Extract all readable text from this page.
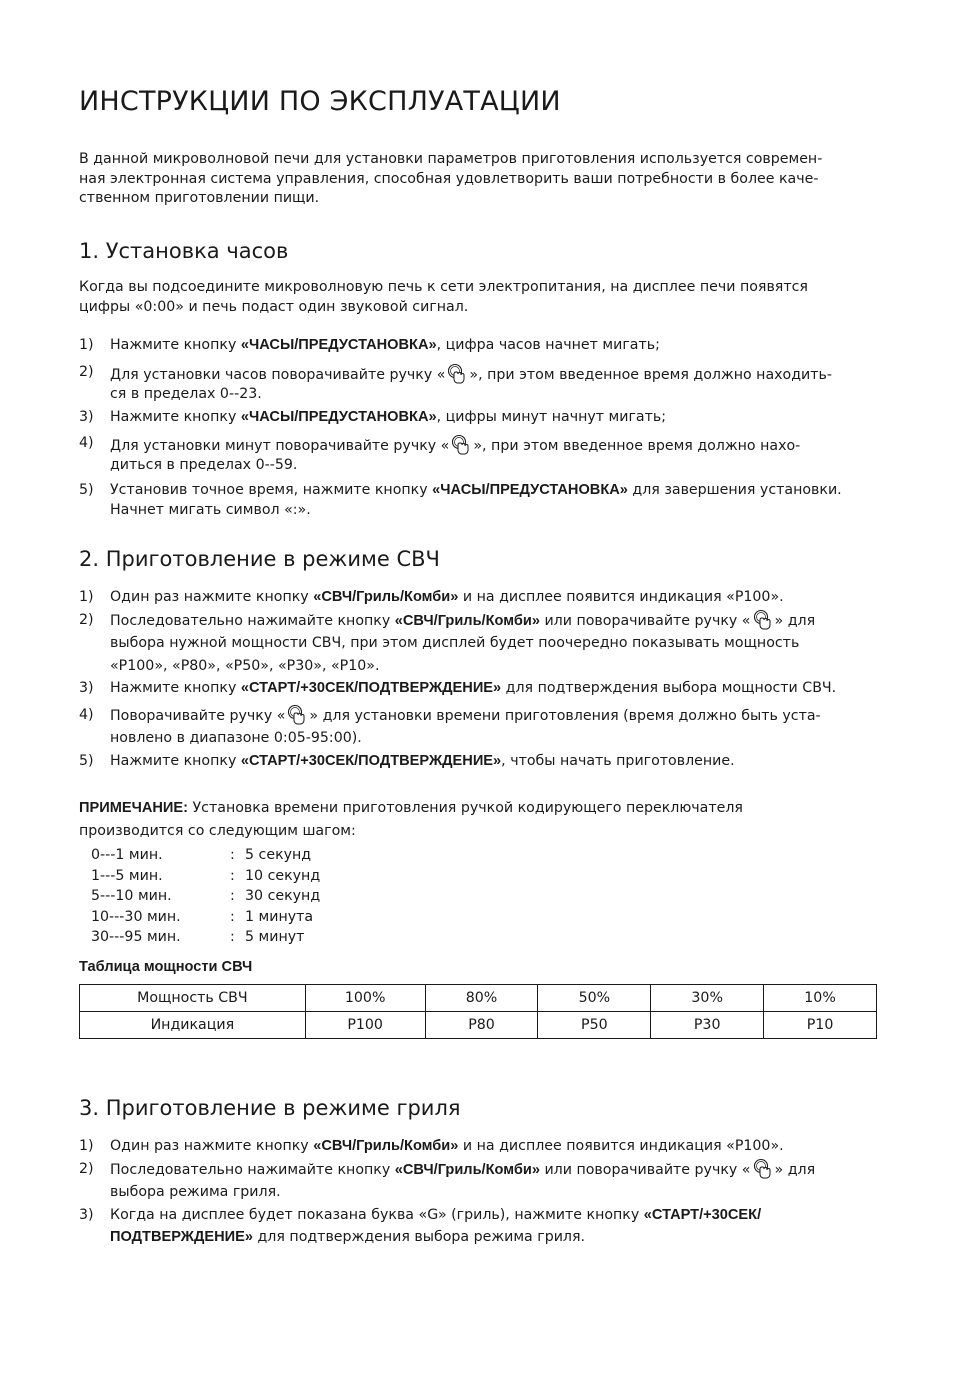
ИНСТРУКЦИИ ПО ЭКСПЛУАТАЦИИ
В данной микроволновой печи для установки параметров приготовления используется современ-
ная электронная система управления, способная удовлетворить ваши потребности в более каче-
ственном приготовлении пищи.
1. Установка часов
Когда вы подсоедините микроволновую печь к сети электропитания, на дисплее печи появятся
цифры «0:00» и печь подаст один звуковой сигнал.
1) Нажмите кнопку «ЧАСЫ/ПРЕДУСТАНОВКА», цифра часов начнет мигать;
2) Для установки часов поворачивайте ручку « », при этом введенное время должно находить-
ся в пределах 0--23.
3) Нажмите кнопку «ЧАСЫ/ПРЕДУСТАНОВКА», цифры минут начнут мигать;
4) Для установки минут поворачивайте ручку « », при этом введенное время должно нахо-
диться в пределах 0--59.
5) Установив точное время, нажмите кнопку «ЧАСЫ/ПРЕДУСТАНОВКА» для завершения установки.
Начнет мигать символ «:».
2. Приготовление в режиме СВЧ
1) Один раз нажмите кнопку «СВЧ/Гриль/Комби» и на дисплее появится индикация «P100».
2) Последовательно нажимайте кнопку «СВЧ/Гриль/Комби» или поворачивайте ручку « » для
выбора нужной мощности СВЧ, при этом дисплей будет поочередно показывать мощность
«P100», «P80», «P50», «P30», «P10».
3) Нажмите кнопку «СТАРТ/+30СЕК/ПОДТВЕРЖДЕНИЕ» для подтверждения выбора мощности СВЧ.
4) Поворачивайте ручку « » для установки времени приготовления (время должно быть уста-
новлено в диапазоне 0:05-95:00).
5) Нажмите кнопку «СТАРТ/+30СЕК/ПОДТВЕРЖДЕНИЕ», чтобы начать приготовление.
ПРИМЕЧАНИЕ: Установка времени приготовления ручкой кодирующего переключателя
производится со следующим шагом:
0---1 мин.	: 5 секунд
1---5 мин.	: 10 секунд
5---10 мин.	: 30 секунд
10---30 мин.	: 1 минута
30---95 мин.	: 5 минут
Таблица мощности СВЧ
Мощность СВЧ	100%	80%	50%	30%	10%
Индикация	P100	P80	P50	P30	P10
3. Приготовление в режиме гриля
1) Один раз нажмите кнопку «СВЧ/Гриль/Комби» и на дисплее появится индикация «P100».
2) Последовательно нажимайте кнопку «СВЧ/Гриль/Комби» или поворачивайте ручку « » для
выбора режима гриля.
3) Когда на дисплее будет показана буква «G» (гриль), нажмите кнопку «СТАРТ/+30СЕК/
ПОДТВЕРЖДЕНИЕ» для подтверждения выбора режима гриля.
